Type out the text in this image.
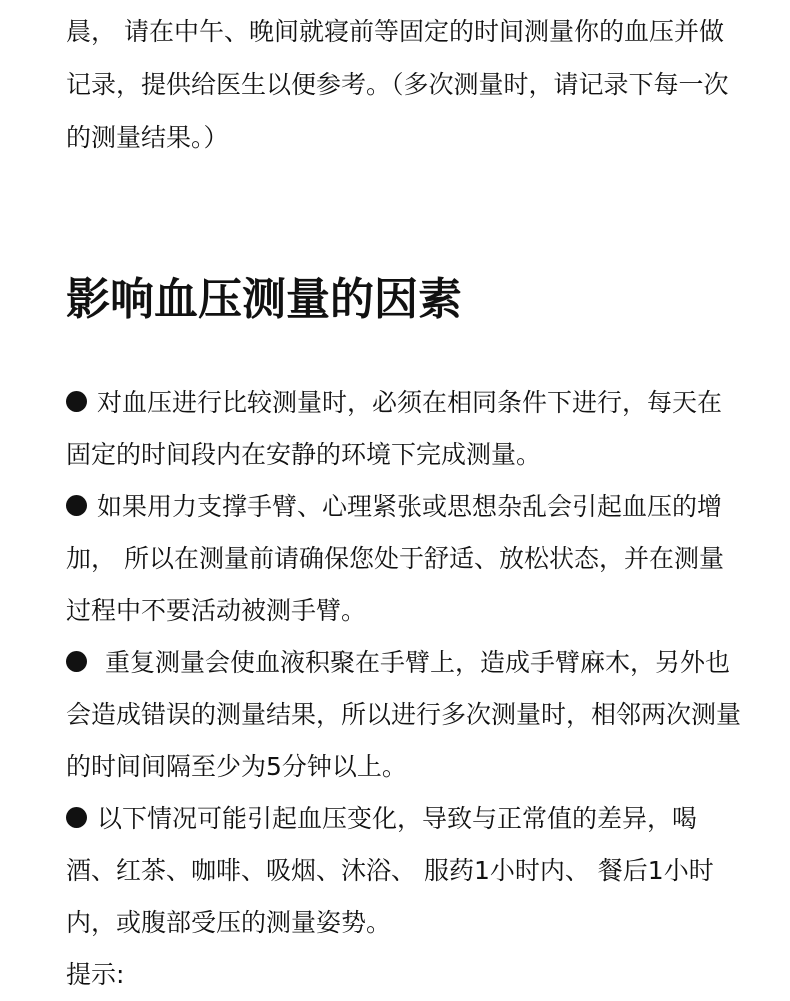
晨， 请在中午、晚间就寝前等固定的时间测量你的血压并做记录，提供给医生以便参考。（多次测量时，请记录下每一次的测量结果。）

影响血压测量的因素

对血压进行比较测量时，必须在相同条件下进行，每天在固定的时间段内在安静的环境下完成测量。

如果用力支撑手臂、心理紧张或思想杂乱会引起血压的增加， 所以在测量前请确保您处于舒适、放松状态，并在测量过程中不要活动被测手臂。

重复测量会使血液积聚在手臂上，造成手臂麻木，另外也会造成错误的测量结果，所以进行多次测量时，相邻两次测量的时间间隔至少为5分钟以上。

以下情况可能引起血压变化，导致与正常值的差异，喝酒、红茶、咖啡、吸烟、沐浴、 服药1小时内、 餐后1小时内，或腹部受压的测量姿势。

提示:
